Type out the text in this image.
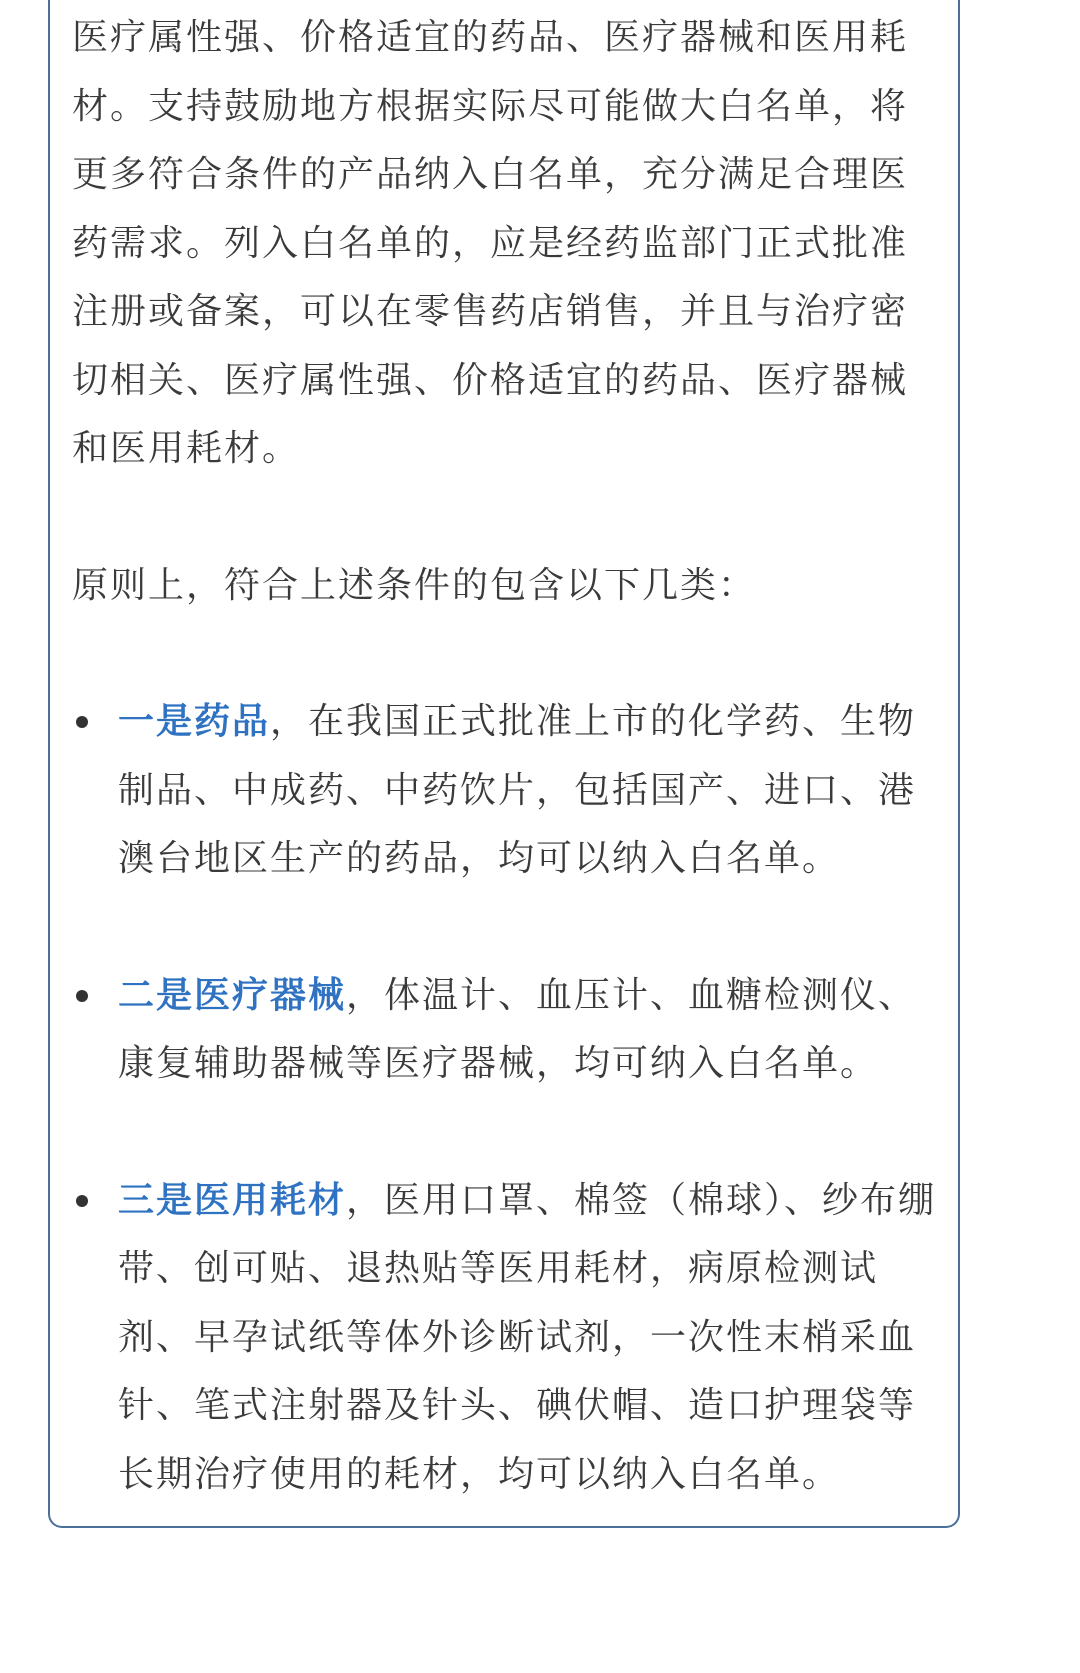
医疗属性强、价格适宜的药品、医疗器械和医用耗材。支持鼓励地方根据实际尽可能做大白名单，将更多符合条件的产品纳入白名单，充分满足合理医药需求。列入白名单的，应是经药监部门正式批准注册或备案，可以在零售药店销售，并且与治疗密切相关、医疗属性强、价格适宜的药品、医疗器械和医用耗材。

原则上，符合上述条件的包含以下几类：

一是药品，在我国正式批准上市的化学药、生物制品、中成药、中药饮片，包括国产、进口、港澳台地区生产的药品，均可以纳入白名单。
二是医疗器械，体温计、血压计、血糖检测仪、康复辅助器械等医疗器械，均可纳入白名单。
三是医用耗材，医用口罩、棉签（棉球）、纱布绷带、创可贴、退热贴等医用耗材，病原检测试剂、早孕试纸等体外诊断试剂，一次性末梢采血针、笔式注射器及针头、碘伏帽、造口护理袋等长期治疗使用的耗材，均可以纳入白名单。
